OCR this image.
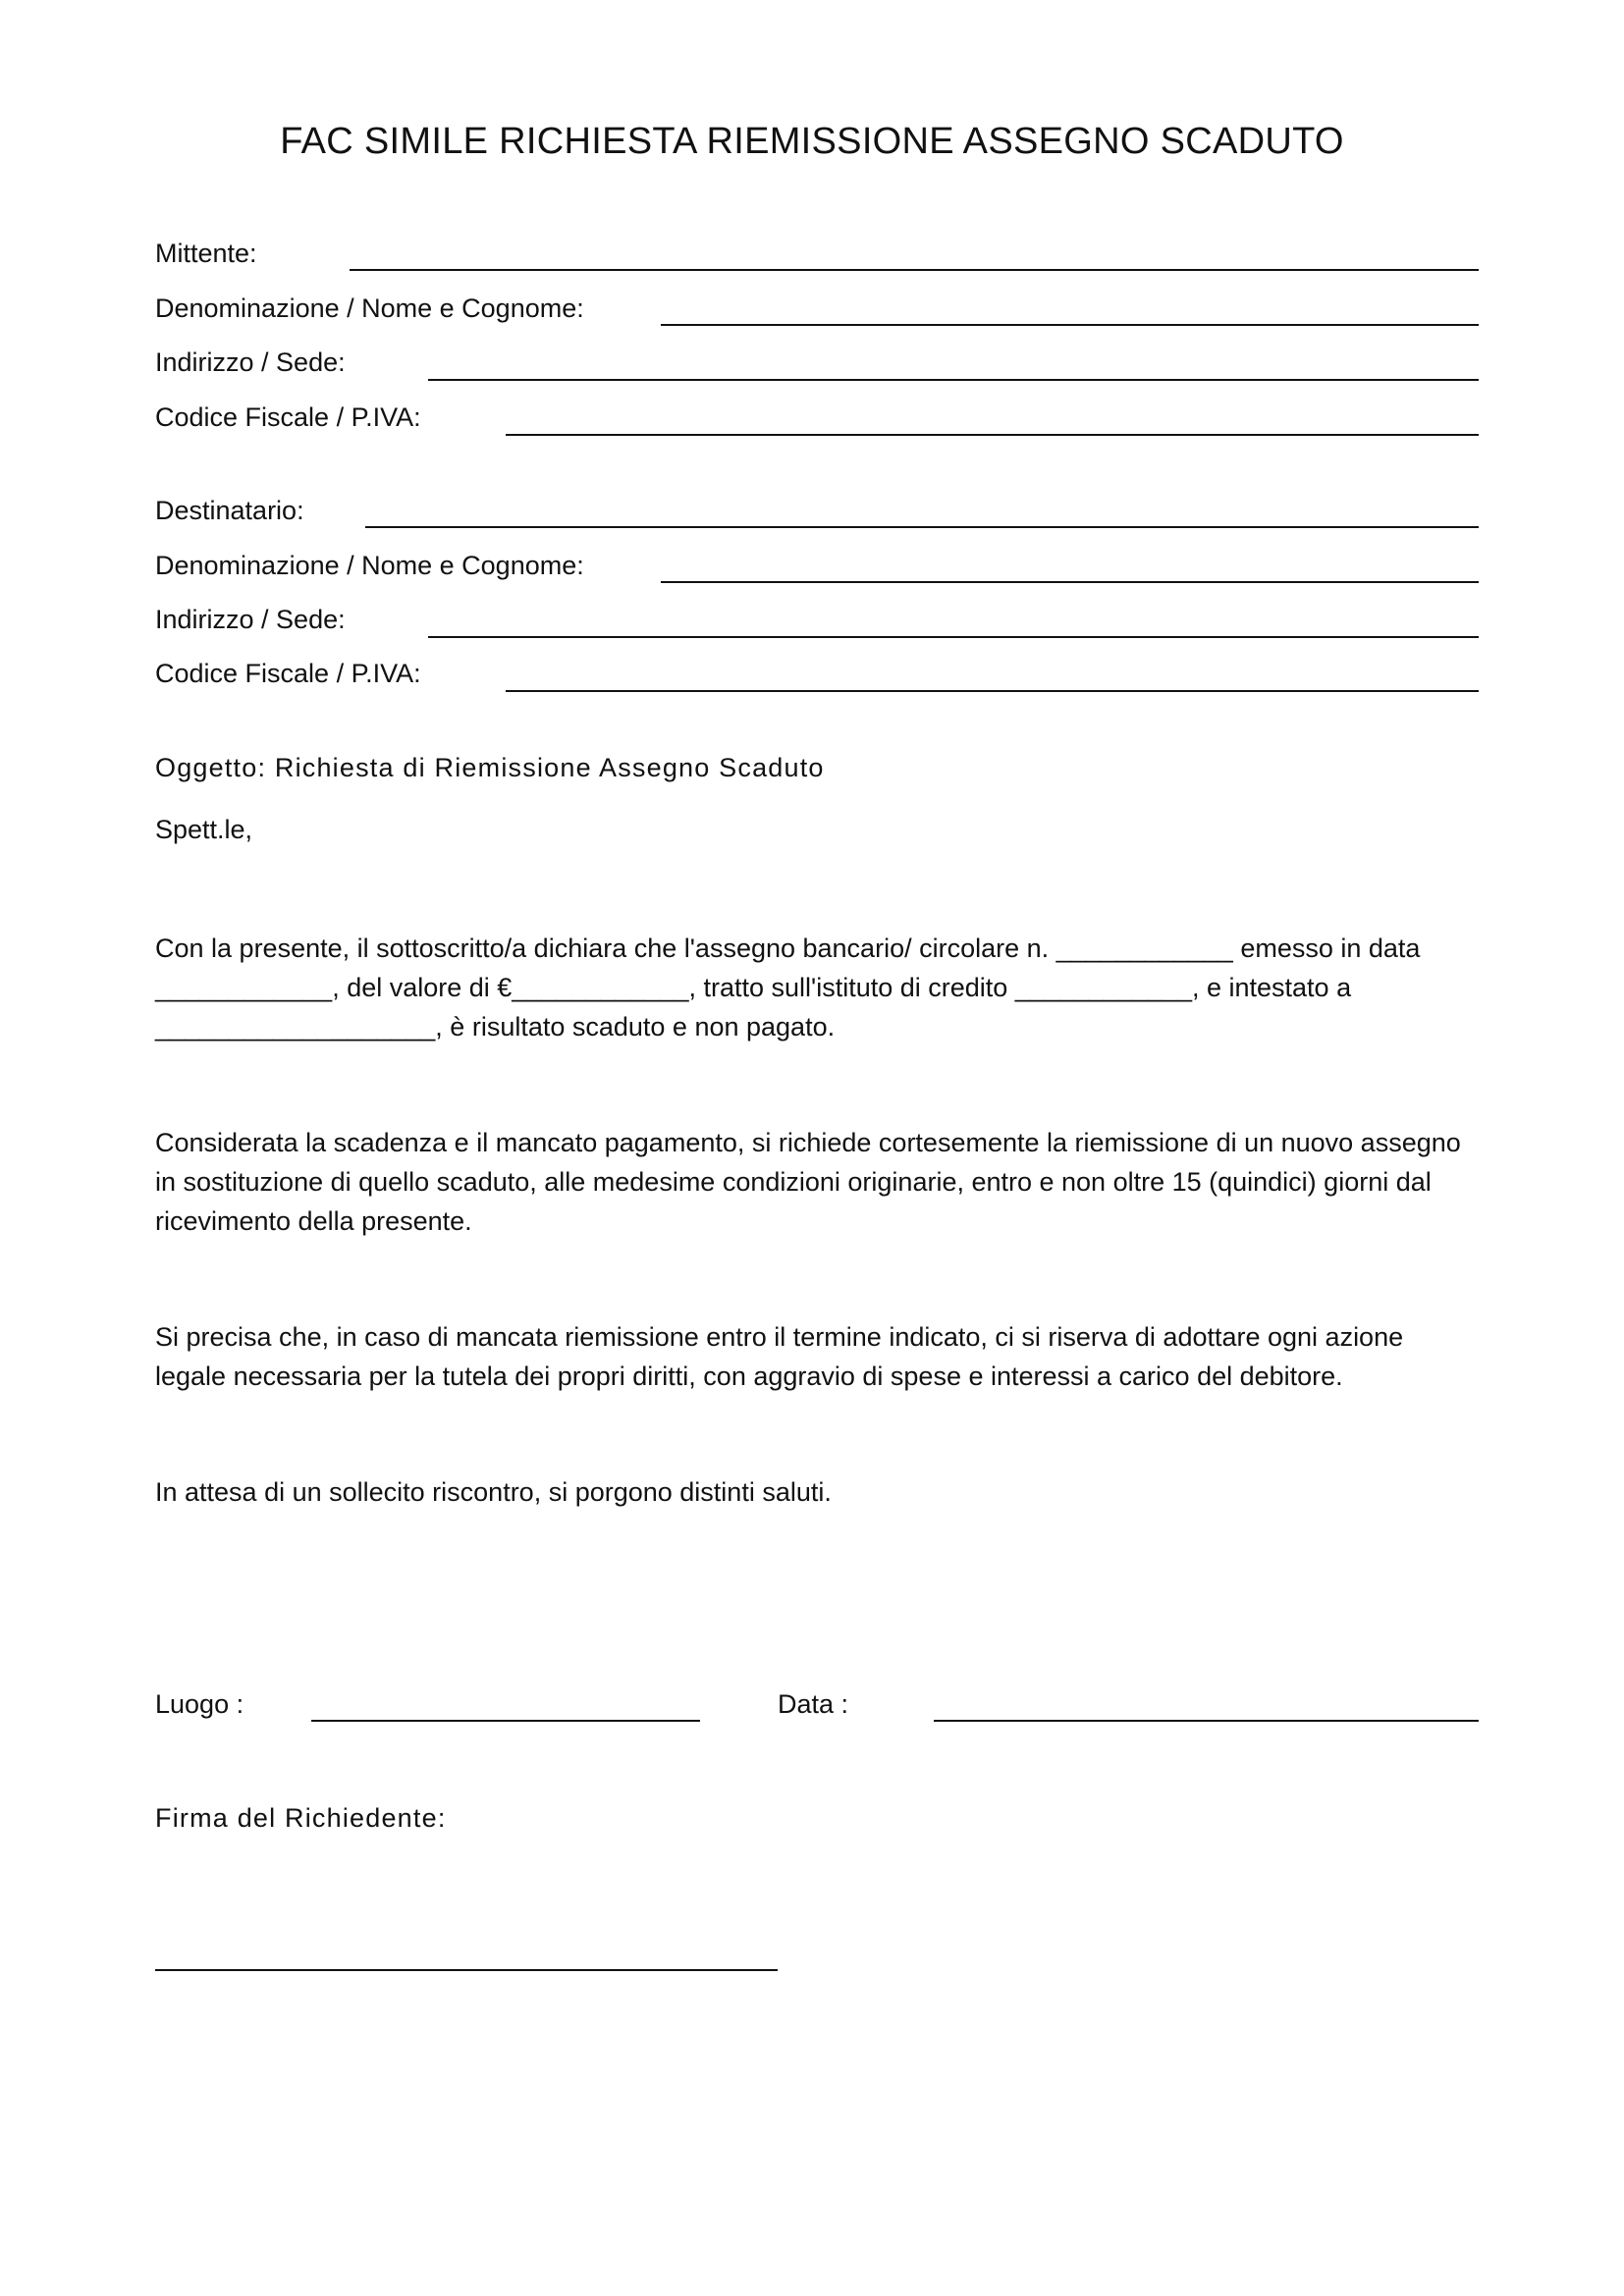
FAC SIMILE RICHIESTA RIEMISSIONE ASSEGNO SCADUTO
Mittente:
Denominazione / Nome e Cognome:
Indirizzo / Sede:
Codice Fiscale / P.IVA:
Destinatario:
Denominazione / Nome e Cognome:
Indirizzo / Sede:
Codice Fiscale / P.IVA:
Oggetto: Richiesta di Riemissione Assegno Scaduto
Spett.le,
Con la presente, il sottoscritto/a dichiara che l'assegno bancario/ circolare n. ____________ emesso in data ____________, del valore di €____________, tratto sull'istituto di credito ____________, e intestato a ___________________, è risultato scaduto e non pagato.
Considerata la scadenza e il mancato pagamento, si richiede cortesemente la riemissione di un nuovo assegno in sostituzione di quello scaduto, alle medesime condizioni originarie, entro e non oltre 15 (quindici) giorni dal ricevimento della presente.
Si precisa che, in caso di mancata riemissione entro il termine indicato, ci si riserva di adottare ogni azione legale necessaria per la tutela dei propri diritti, con aggravio di spese e interessi a carico del debitore.
In attesa di un sollecito riscontro, si porgono distinti saluti.
Luogo :	Data :
Firma del Richiedente:
